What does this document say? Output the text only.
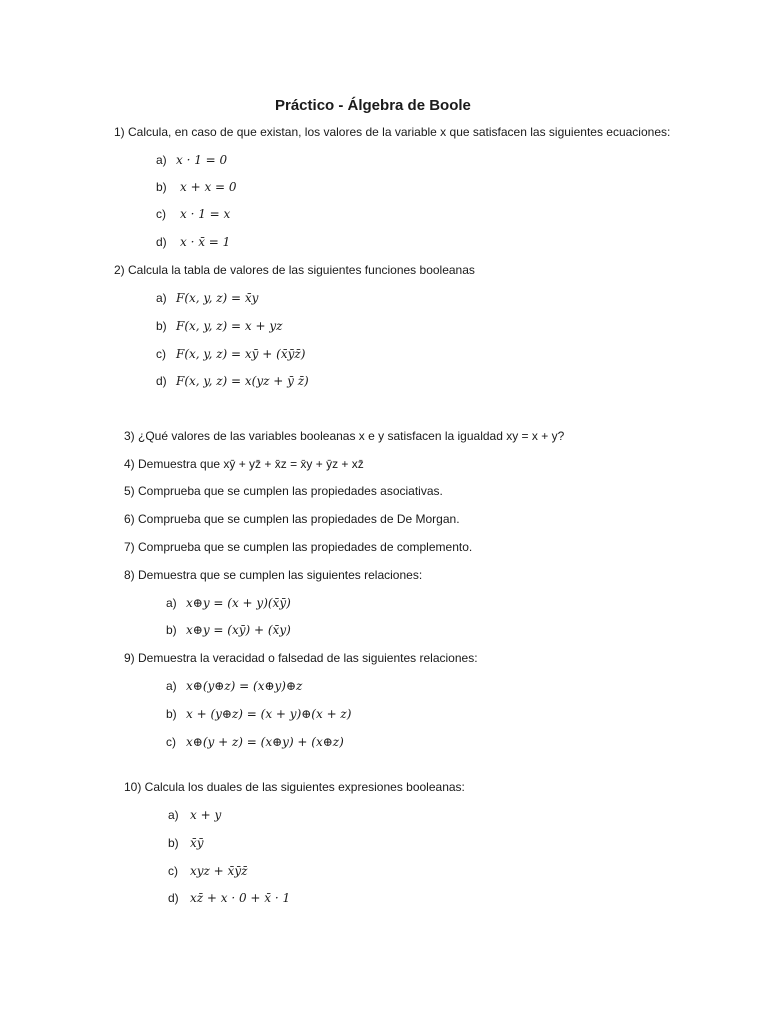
Práctico - Álgebra de Boole
1) Calcula, en caso de que existan, los valores de la variable x que satisfacen las siguientes ecuaciones:
a) x · 1 = 0
b) x + x = 0
c) x · 1 = x
d) x · x̄ = 1
2) Calcula la tabla de valores de las siguientes funciones booleanas
a) F(x, y, z) = x̄y
b) F(x, y, z) = x + yz
c) F(x, y, z) = xȳ + (x̄ȳz̄)
d) F(x, y, z) = x(yz + ȳ z̄)
3) ¿Qué valores de las variables booleanas x e y satisfacen la igualdad xy = x + y?
4) Demuestra que xȳ + yz̄ + x̄z = x̄y + ȳz + xz̄
5) Comprueba que se cumplen las propiedades asociativas.
6) Comprueba que se cumplen las propiedades de De Morgan.
7) Comprueba que se cumplen las propiedades de complemento.
8) Demuestra que se cumplen las siguientes relaciones:
a) x⊕y = (x + y)(x̄ȳ)
b) x⊕y = (xȳ) + (x̄y)
9) Demuestra la veracidad o falsedad de las siguientes relaciones:
a) x⊕(y⊕z) = (x⊕y)⊕z
b) x + (y⊕z) = (x + y)⊕(x + z)
c) x⊕(y + z) = (x⊕y) + (x⊕z)
10) Calcula los duales de las siguientes expresiones booleanas:
a) x + y
b) x̄ȳ
c) xyz + x̄ȳz̄
d) xz̄ + x · 0 + x̄ · 1
